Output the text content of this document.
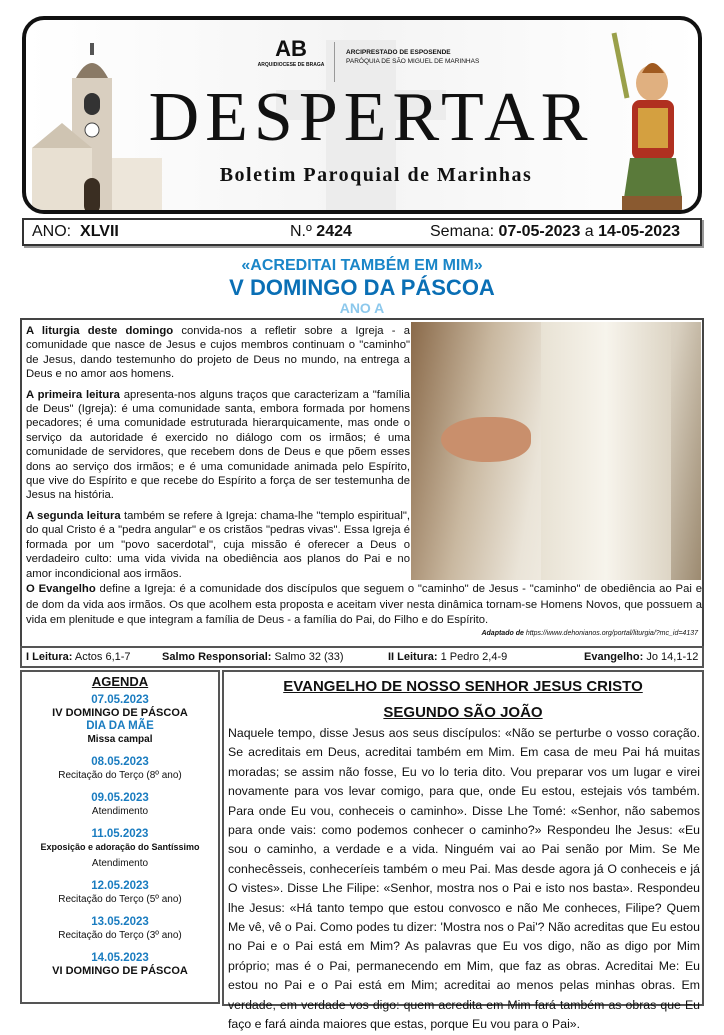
AB
ARQUIDIOCESE DE BRAGA
ARCIPRESTADO DE ESPOSENDE
PARÓQUIA DE SÃO MIGUEL DE MARINHAS
DESPERTAR
Boletim Paroquial de Marinhas
ANO: XLVII	N.º 2424	Semana: 07-05-2023 a 14-05-2023
«ACREDITAI TAMBÉM EM MIM»
V DOMINGO DA PÁSCOA
ANO A

A liturgia deste domingo convida-nos a refletir sobre a Igreja - a comunidade que nasce de Jesus e cujos membros continuam o "caminho" de Jesus, dando testemunho do projeto de Deus no mundo, na entrega a Deus e no amor aos homens.

A primeira leitura apresenta-nos alguns traços que caracterizam a "família de Deus" (Igreja): é uma comunidade santa, embora formada por homens pecadores; é uma comunidade estruturada hierarquicamente, mas onde o serviço da autoridade é exercido no diálogo com os irmãos; é uma comunidade de servidores, que recebem dons de Deus e que põem esses dons ao serviço dos irmãos; e é uma comunidade animada pelo Espírito, que vive do Espírito e que recebe do Espírito a força de ser testemunha de Jesus na história.

A segunda leitura também se refere à Igreja: chama-lhe "templo espiritual", do qual Cristo é a "pedra angular" e os cristãos "pedras vivas". Essa Igreja é formada por um "povo sacerdotal", cuja missão é oferecer a Deus o verdadeiro culto: uma vida vivida na obediência aos planos do Pai e no amor incondicional aos irmãos.

O Evangelho define a Igreja: é a comunidade dos discípulos que seguem o "caminho" de Jesus - "caminho" de obediência ao Pai e de dom da vida aos irmãos. Os que acolhem esta proposta e aceitam viver nesta dinâmica tornam-se Homens Novos, que possuem a vida em plenitude e que integram a família de Deus - a família do Pai, do Filho e do Espírito.
Adaptado de https://www.dehonianos.org/portal/liturgia/?mc_id=4137
I Leitura: Actos 6,1-7	Salmo Responsorial: Salmo 32 (33)	II Leitura: 1 Pedro 2,4-9	Evangelho: Jo 14,1-12
AGENDA
07.05.2023
IV DOMINGO DE PÁSCOA
DIA DA MÃE
Missa campal
08.05.2023
Recitação do Terço (8º ano)
09.05.2023
Atendimento
11.05.2023
Exposição e adoração do Santíssimo
Atendimento
12.05.2023
Recitação do Terço (5º ano)
13.05.2023
Recitação do Terço (3º ano)
14.05.2023
VI DOMINGO DE PÁSCOA
EVANGELHO DE NOSSO SENHOR JESUS CRISTO
SEGUNDO SÃO JOÃO
Naquele tempo, disse Jesus aos seus discípulos: «Não se perturbe o vosso coração. Se acreditais em Deus, acreditai também em Mim. Em casa de meu Pai há muitas moradas; se assim não fosse, Eu vo lo teria dito. Vou preparar vos um lugar e virei novamente para vos levar comigo, para que, onde Eu estou, estejais vós também. Para onde Eu vou, conheceis o caminho». Disse Lhe Tomé: «Senhor, não sabemos para onde vais: como podemos conhecer o caminho?» Respondeu lhe Jesus: «Eu sou o caminho, a verdade e a vida. Ninguém vai ao Pai senão por Mim. Se Me conhecêsseis, conheceríeis também o meu Pai. Mas desde agora já O conheceis e já O vistes». Disse Lhe Filipe: «Senhor, mostra nos o Pai e isto nos basta». Respondeu lhe Jesus: «Há tanto tempo que estou convosco e não Me conheces, Filipe? Quem Me vê, vê o Pai. Como podes tu dizer: 'Mostra nos o Pai'? Não acreditas que Eu estou no Pai e o Pai está em Mim? As palavras que Eu vos digo, não as digo por Mim próprio; mas é o Pai, permanecendo em Mim, que faz as obras. Acreditai Me: Eu estou no Pai e o Pai está em Mim; acreditai ao menos pelas minhas obras. Em verdade, em verdade vos digo: quem acredita em Mim fará também as obras que Eu faço e fará ainda maiores que estas, porque Eu vou para o Pai».
